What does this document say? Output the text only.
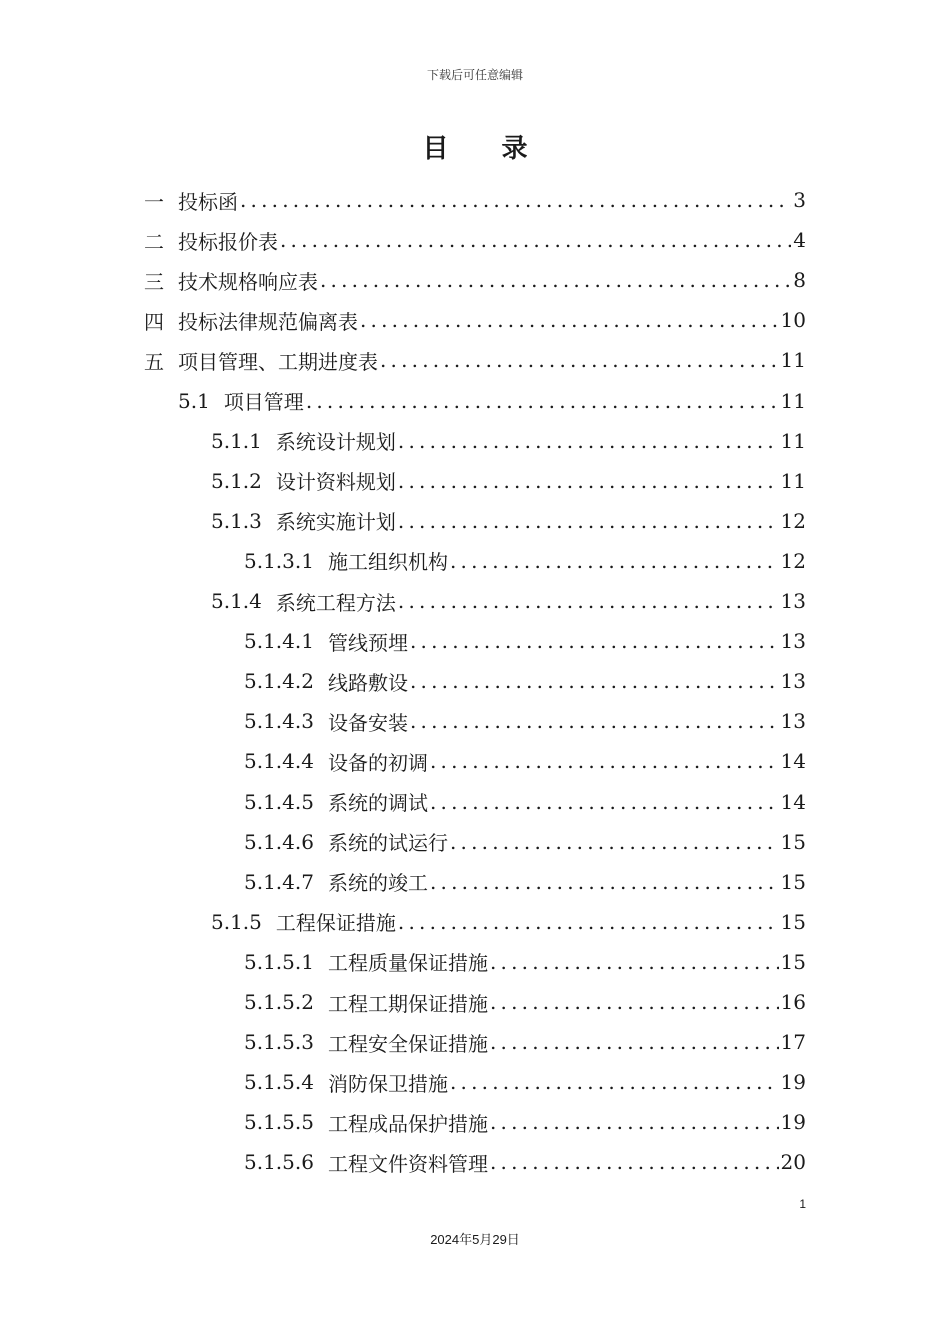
下载后可任意编辑
目 录
一 投标函 .....	3
二 投标报价表 .....	4
三 技术规格响应表 .....	8
四 投标法律规范偏离表 .....	10
五 项目管理、工期进度表 .....	11
5.1 项目管理 .....	11
5.1.1 系统设计规划 .....	11
5.1.2 设计资料规划 .....	11
5.1.3 系统实施计划 .....	12
5.1.3.1 施工组织机构 .....	12
5.1.4 系统工程方法 .....	13
5.1.4.1 管线预埋 .....	13
5.1.4.2 线路敷设 .....	13
5.1.4.3 设备安装 .....	13
5.1.4.4 设备的初调 .....	14
5.1.4.5 系统的调试 .....	14
5.1.4.6 系统的试运行 .....	15
5.1.4.7 系统的竣工 .....	15
5.1.5 工程保证措施 .....	15
5.1.5.1 工程质量保证措施 .....	15
5.1.5.2 工程工期保证措施 .....	16
5.1.5.3 工程安全保证措施 .....	17
5.1.5.4 消防保卫措施 .....	19
5.1.5.5 工程成品保护措施 .....	19
5.1.5.6 工程文件资料管理 .....	20
1
2024年5月29日
